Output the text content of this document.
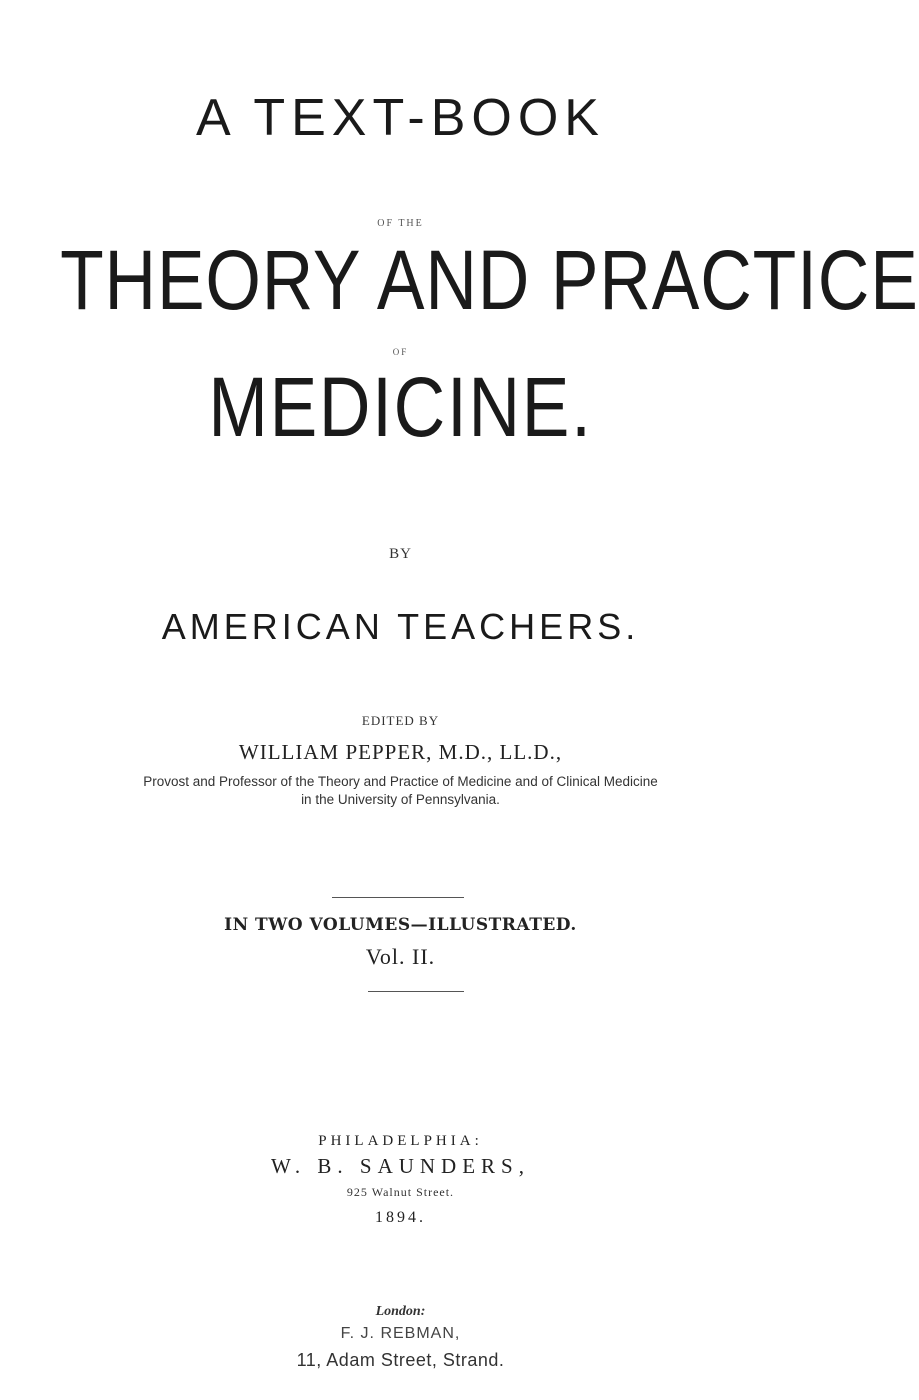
A TEXT-BOOK
OF THE
THEORY AND PRACTICE
OF
MEDICINE.
BY
AMERICAN TEACHERS.
EDITED BY
WILLIAM PEPPER, M.D., LL.D.,
Provost and Professor of the Theory and Practice of Medicine and of Clinical Medicine
in the University of Pennsylvania.
IN TWO VOLUMES—ILLUSTRATED.
Vol. II.
PHILADELPHIA:
W. B. SAUNDERS,
925 Walnut Street.
1894.
London:
F. J. REBMAN,
11, Adam Street, Strand.
